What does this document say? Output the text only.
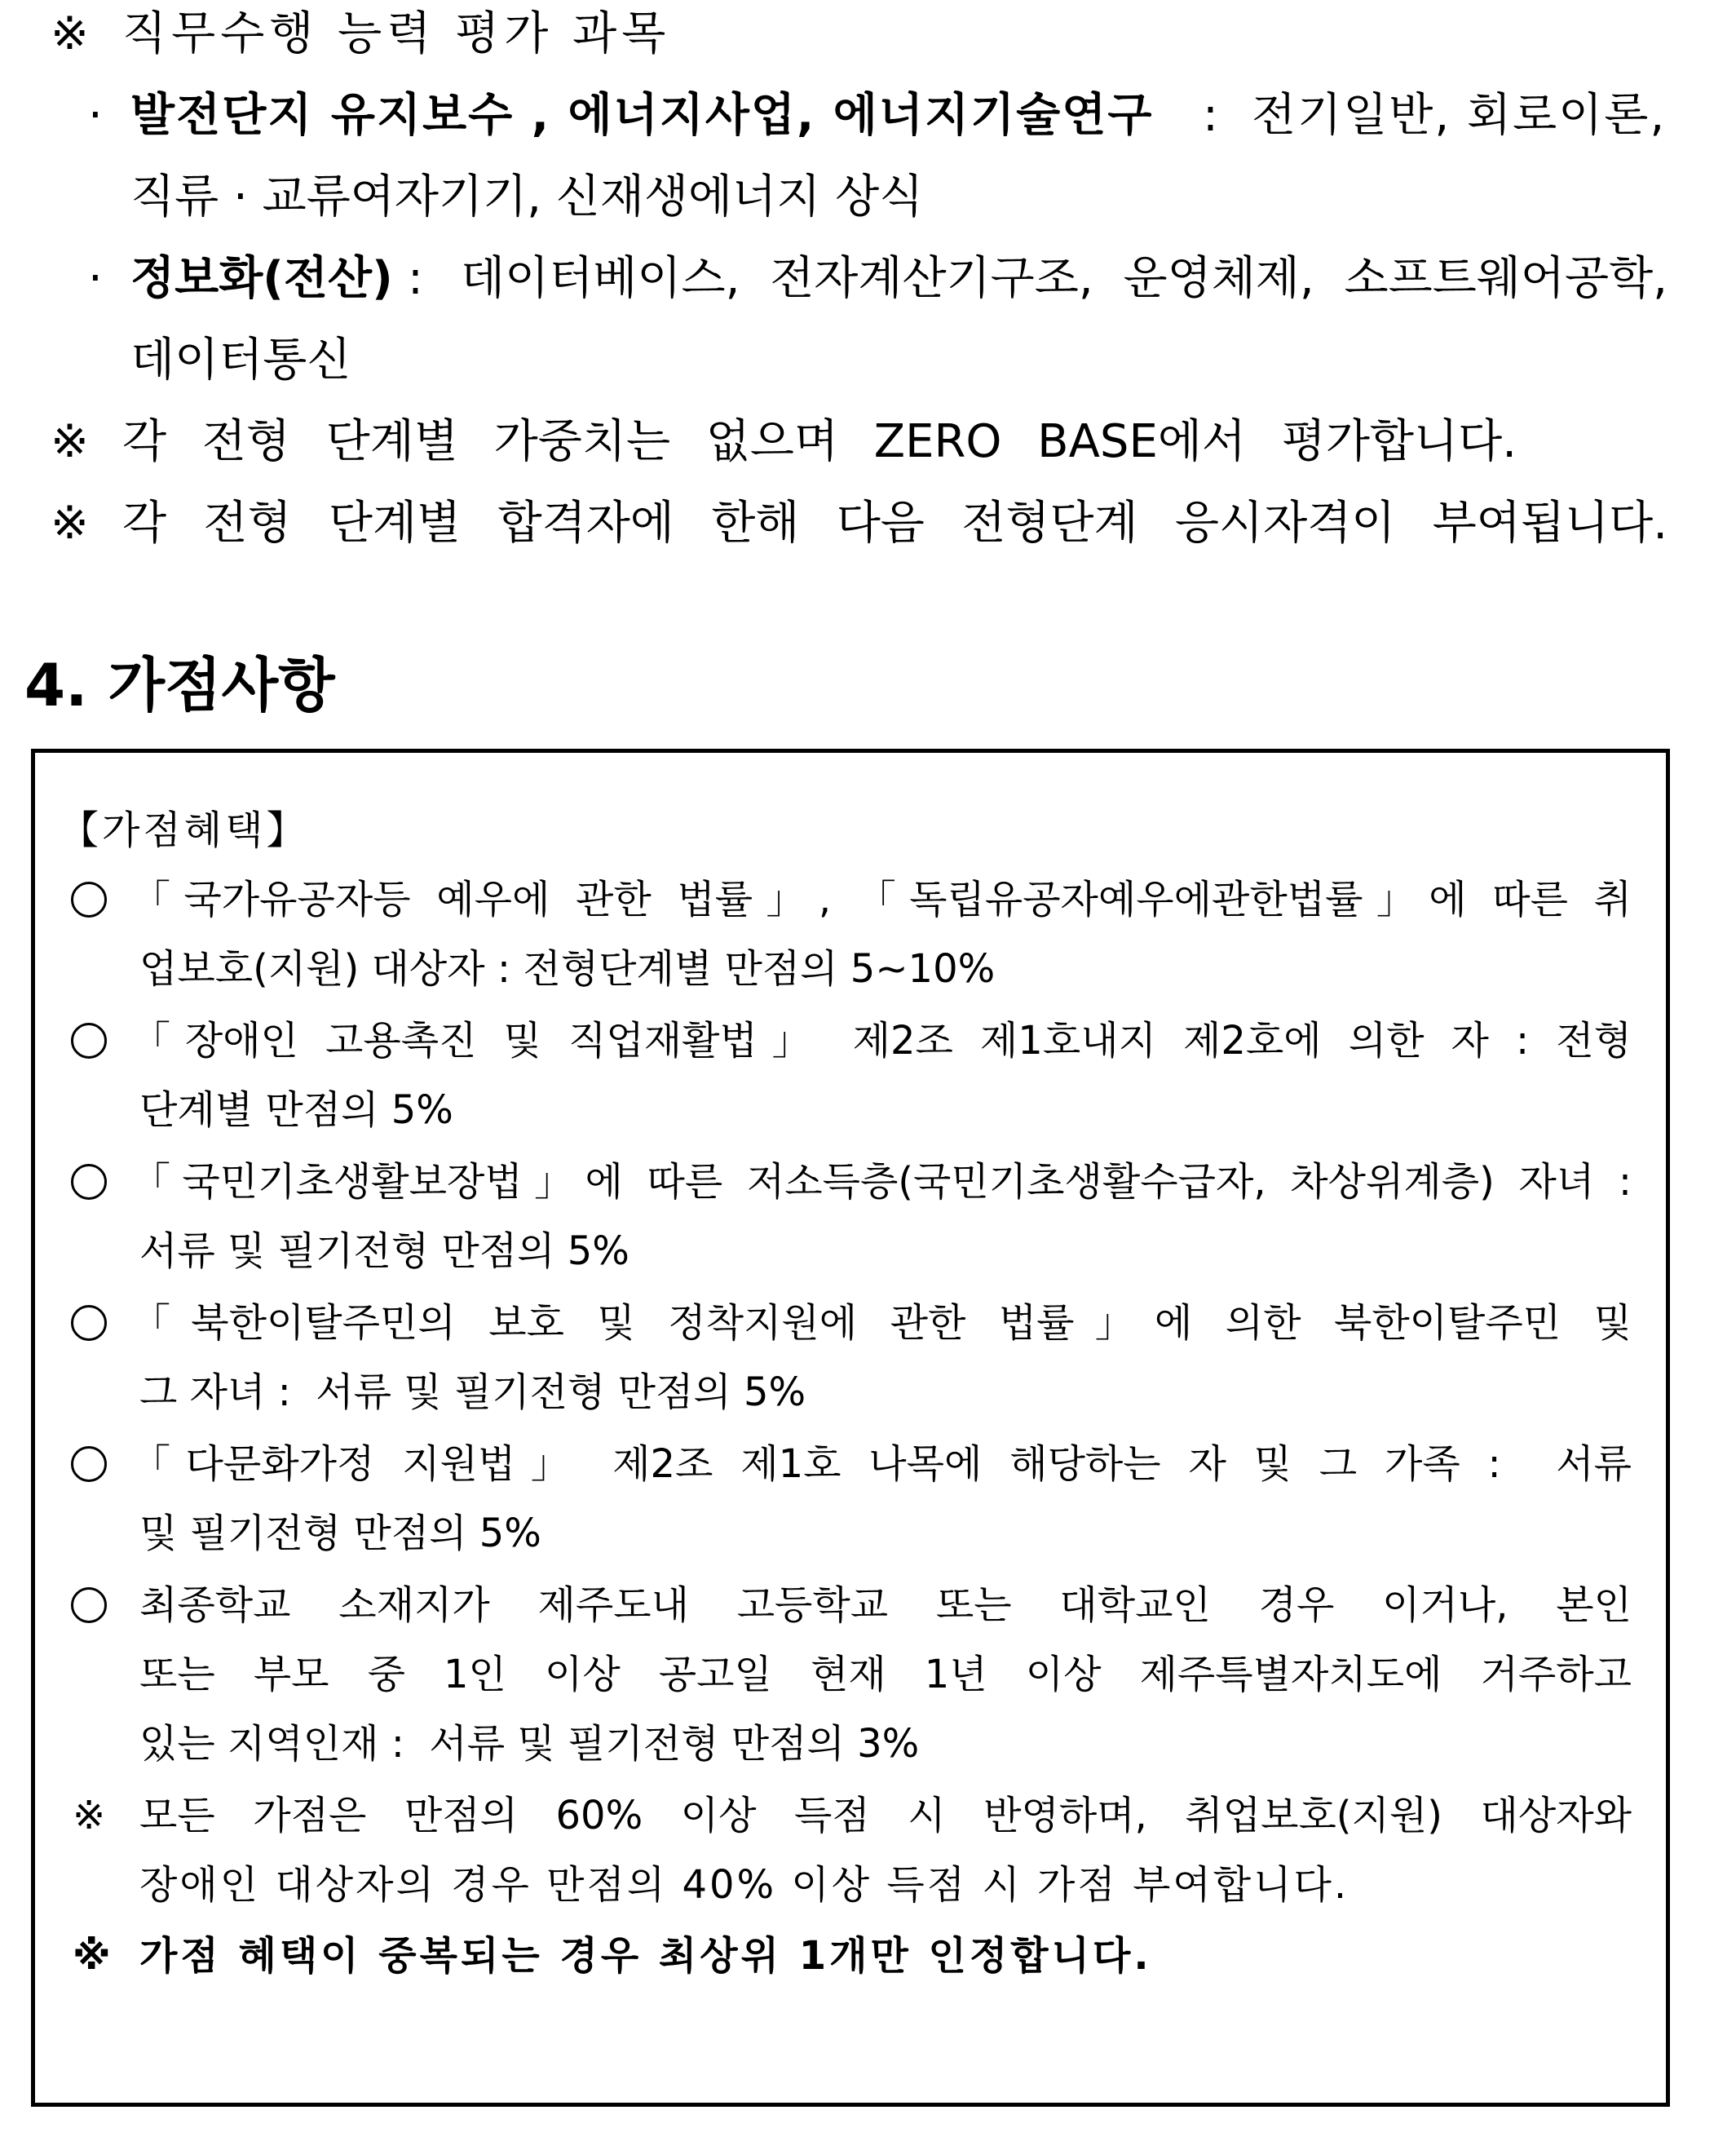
※ 직무수행 능력 평가 과목
· 발전단지 유지보수 , 에너지사업, 에너지기술연구 : 전기일반, 회로이론,
직류 · 교류여자기기, 신재생에너지 상식
· 정보화(전산) : 데이터베이스, 전자계산기구조, 운영체제, 소프트웨어공학,
데이터통신
※ 각 전형 단계별 가중치는 없으며 ZERO BASE에서 평가합니다.
※ 각 전형 단계별 합격자에 한해 다음 전형단계 응시자격이 부여됩니다.
4. 가점사항
【가점혜택】
「국가유공자등 예우에 관한 법률」, 「독립유공자예우에관한법률」에 따른 취
업보호(지원) 대상자 : 전형단계별 만점의 5~10%
「장애인 고용촉진 및 직업재활법」 제2조 제1호내지 제2호에 의한 자 : 전형
단계별 만점의 5%
「국민기초생활보장법」에 따른 저소득층(국민기초생활수급자, 차상위계층) 자녀 :
서류 및 필기전형 만점의 5%
「북한이탈주민의 보호 및 정착지원에 관한 법률」에 의한 북한이탈주민 및
그 자녀 :  서류 및 필기전형 만점의 5%
「다문화가정 지원법」 제2조 제1호 나목에 해당하는 자 및 그 가족 :  서류
및 필기전형 만점의 5%
최종학교 소재지가 제주도내 고등학교 또는 대학교인 경우 이거나, 본인
또는 부모 중 1인 이상 공고일 현재 1년 이상 제주특별자치도에 거주하고
있는 지역인재 :  서류 및 필기전형 만점의 3%
※ 모든 가점은 만점의 60% 이상 득점 시 반영하며, 취업보호(지원) 대상자와
장애인 대상자의 경우 만점의 40% 이상 득점 시 가점 부여합니다.
※ 가점 혜택이 중복되는 경우 최상위 1개만 인정합니다.
